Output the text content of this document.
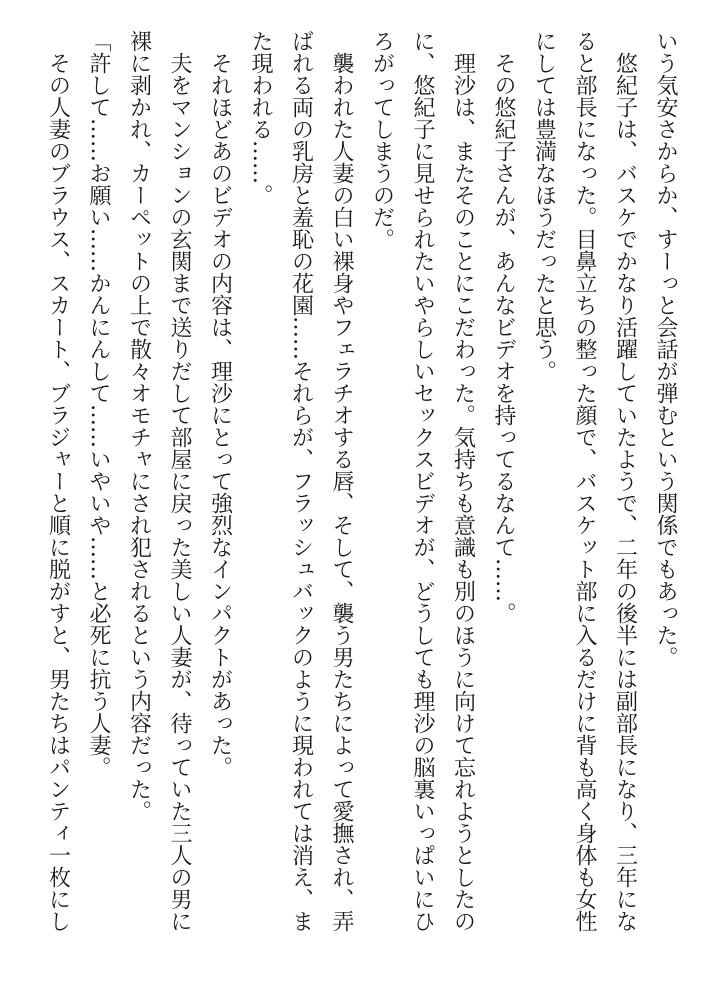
いう気安さからか、すーっと会話が弾むという関係でもあった。
　悠紀子は、バスケでかなり活躍していたようで、二年の後半には副部長になり、三年にな
ると部長になった。目鼻立ちの整った顔で、バスケット部に入るだけに背も高く身体も女性
にしては豊満なほうだったと思う。
　その悠紀子さんが、あんなビデオを持ってるなんて……。
　理沙は、またそのことにこだわった。気持ちも意識も別のほうに向けて忘れようとしたの
に、悠紀子に見せられたいやらしいセックスビデオが、どうしても理沙の脳裏いっぱいにひ
ろがってしまうのだ。
　襲われた人妻の白い裸身やフェラチオする唇、そして、襲う男たちによって愛撫され、弄
ばれる両の乳房と羞恥の花園……それらが、フラッシュバックのように現われては消え、ま
た現われる……。
　それほどあのビデオの内容は、理沙にとって強烈なインパクトがあった。
　夫をマンションの玄関まで送りだして部屋に戻った美しい人妻が、待っていた三人の男に
裸に剥かれ、カーペットの上で散々オモチャにされ犯されるという内容だった。
「許して……お願い……かんにんして……いやいや……と必死に抗う人妻。
　その人妻のブラウス、スカート、ブラジャーと順に脱がすと、男たちはパンティ一枚にし
